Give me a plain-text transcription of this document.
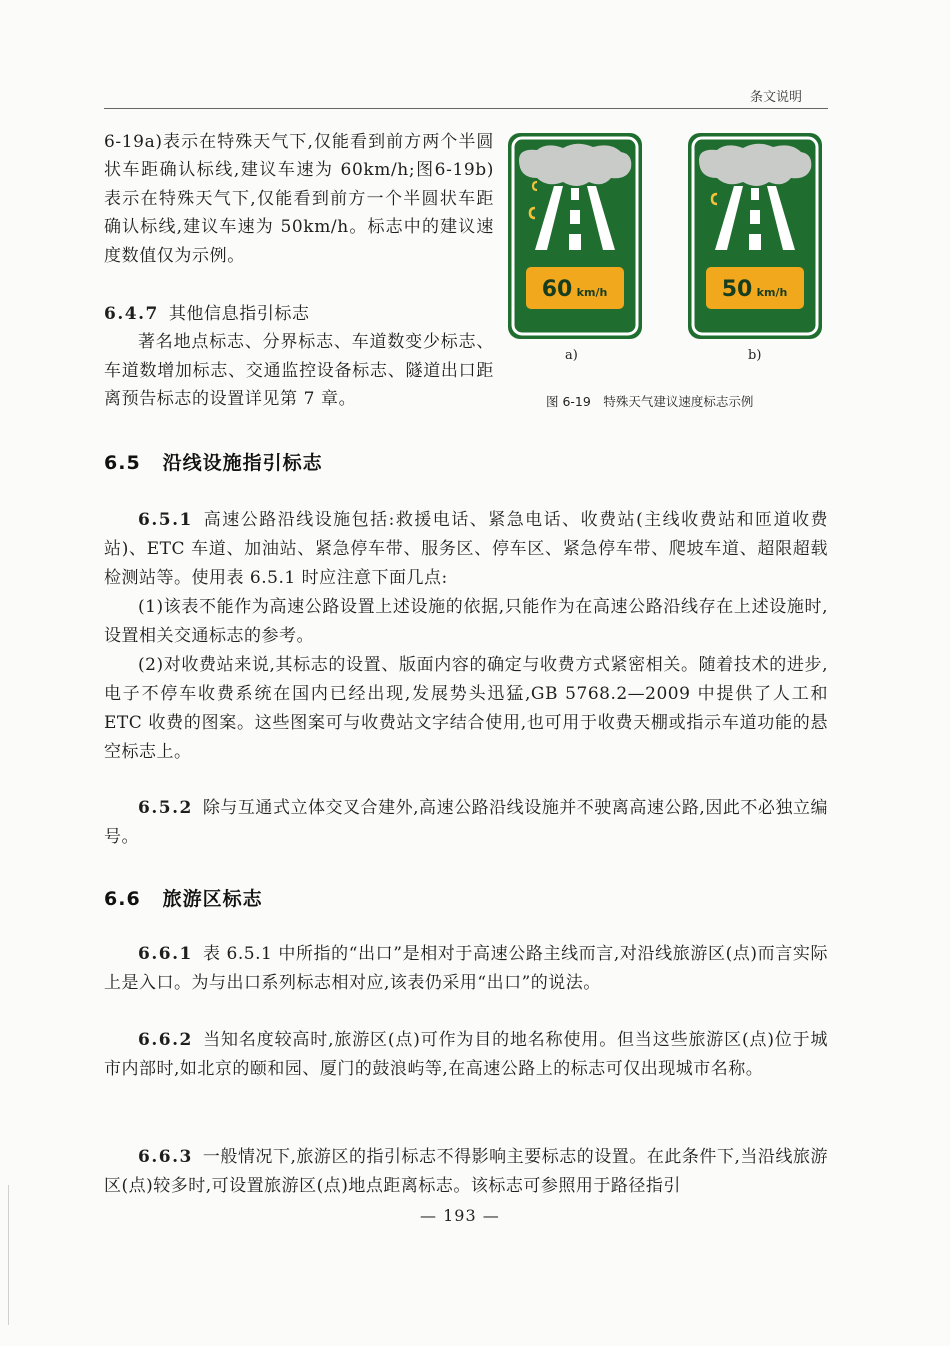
条文说明

6-19a)表示在特殊天气下,仅能看到前方两个半圆状车距确认标线,建议车速为 60km/h;图6-19b)表示在特殊天气下,仅能看到前方一个半圆状车距确认标线,建议车速为 50km/h。标志中的建议速度数值仅为示例。

6.4.7 其他信息指引标志

著名地点标志、分界标志、车道数变少标志、车道数增加标志、交通监控设备标志、隧道出口距离预告标志的设置详见第 7 章。

60 km/h
a)
50 km/h
b)
图 6-19　特殊天气建议速度标志示例
6.5 沿线设施指引标志

6.5.1 高速公路沿线设施包括:救援电话、紧急电话、收费站(主线收费站和匝道收费站)、ETC 车道、加油站、紧急停车带、服务区、停车区、紧急停车带、爬坡车道、超限超载检测站等。使用表 6.5.1 时应注意下面几点:

(1)该表不能作为高速公路设置上述设施的依据,只能作为在高速公路沿线存在上述设施时,设置相关交通标志的参考。

(2)对收费站来说,其标志的设置、版面内容的确定与收费方式紧密相关。随着技术的进步,电子不停车收费系统在国内已经出现,发展势头迅猛,GB 5768.2—2009 中提供了人工和 ETC 收费的图案。这些图案可与收费站文字结合使用,也可用于收费天棚或指示车道功能的悬空标志上。

6.5.2 除与互通式立体交叉合建外,高速公路沿线设施并不驶离高速公路,因此不必独立编号。

6.6 旅游区标志

6.6.1 表 6.5.1 中所指的“出口”是相对于高速公路主线而言,对沿线旅游区(点)而言实际上是入口。为与出口系列标志相对应,该表仍采用“出口”的说法。

6.6.2 当知名度较高时,旅游区(点)可作为目的地名称使用。但当这些旅游区(点)位于城市内部时,如北京的颐和园、厦门的鼓浪屿等,在高速公路上的标志可仅出现城市名称。

6.6.3 一般情况下,旅游区的指引标志不得影响主要标志的设置。在此条件下,当沿线旅游区(点)较多时,可设置旅游区(点)地点距离标志。该标志可参照用于路径指引

— 193 —
